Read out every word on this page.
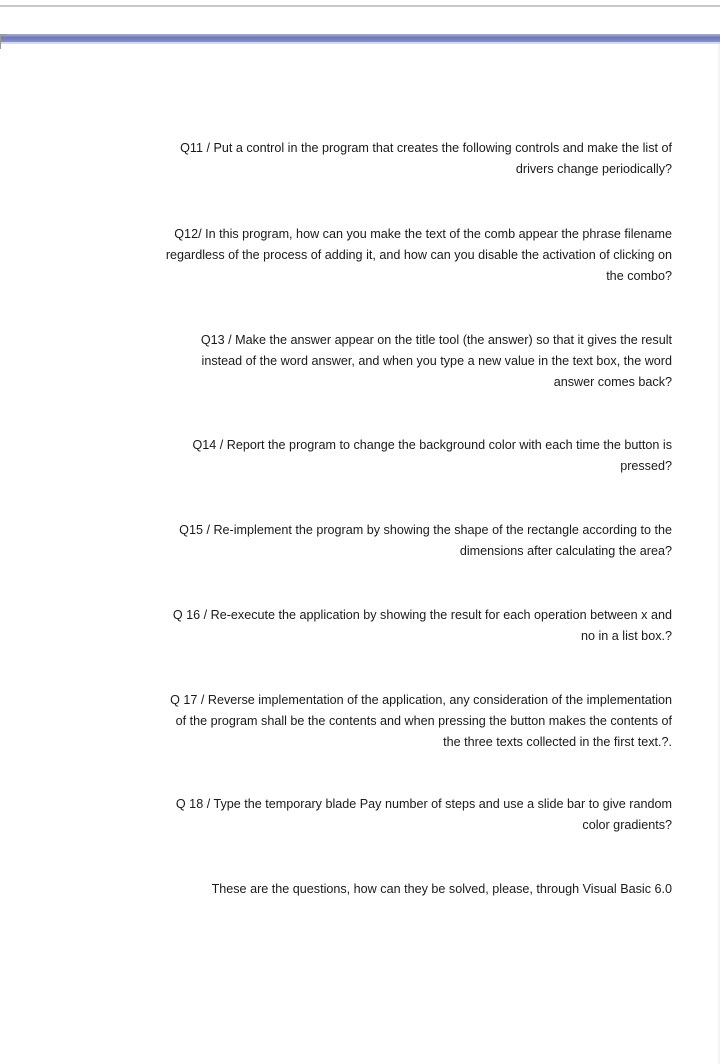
Q11 / Put a control in the program that creates the following controls and make the list of
drivers change periodically?
Q12/ In this program, how can you make the text of the comb appear the phrase filename
regardless of the process of adding it, and how can you disable the activation of clicking on
the combo?
Q13 / Make the answer appear on the title tool (the answer) so that it gives the result
instead of the word answer, and when you type a new value in the text box, the word
answer comes back?
Q14 / Report the program to change the background color with each time the button is
pressed?
Q15 / Re-implement the program by showing the shape of the rectangle according to the
dimensions after calculating the area?
Q 16 / Re-execute the application by showing the result for each operation between x and
no in a list box.?
Q 17 / Reverse implementation of the application, any consideration of the implementation
of the program shall be the contents and when pressing the button makes the contents of
the three texts collected in the first text.?.
Q 18 / Type the temporary blade Pay number of steps and use a slide bar to give random
color gradients?
These are the questions, how can they be solved, please, through Visual Basic 6.0
